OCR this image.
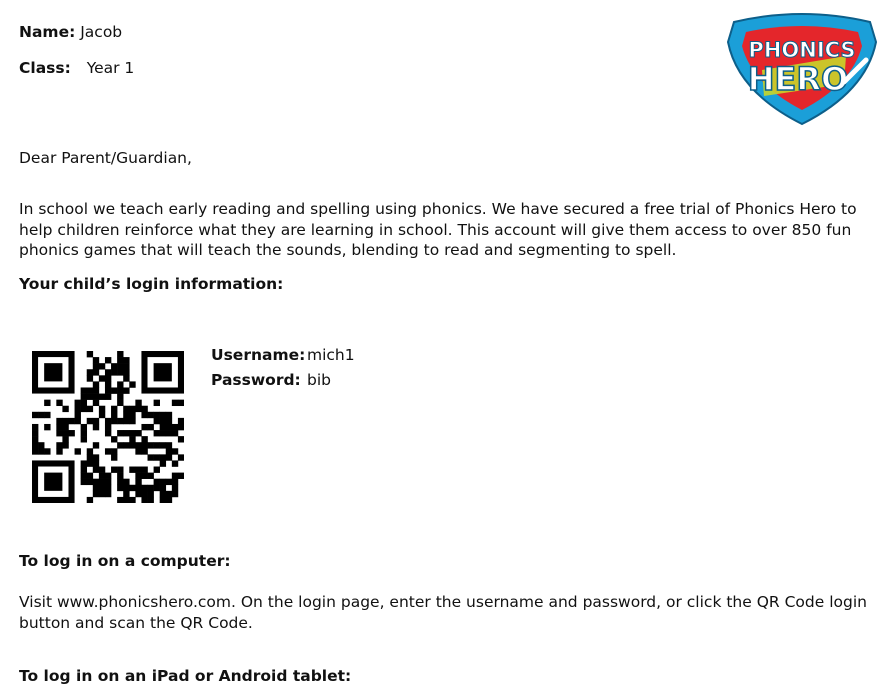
Name: Jacob
Class: Year 1
PHONICS
HERO
Dear Parent/Guardian,
In school we teach early reading and spelling using phonics. We have secured a free trial of Phonics Hero to help children reinforce what they are learning in school. This account will give them access to over 850 fun phonics games that will teach the sounds, blending to read and segmenting to spell.
Your child’s login information:
Username: mich1
Password: bib
To log in on a computer:
Visit www.phonicshero.com. On the login page, enter the username and password, or click the QR Code login button and scan the QR Code.
To log in on an iPad or Android tablet:
